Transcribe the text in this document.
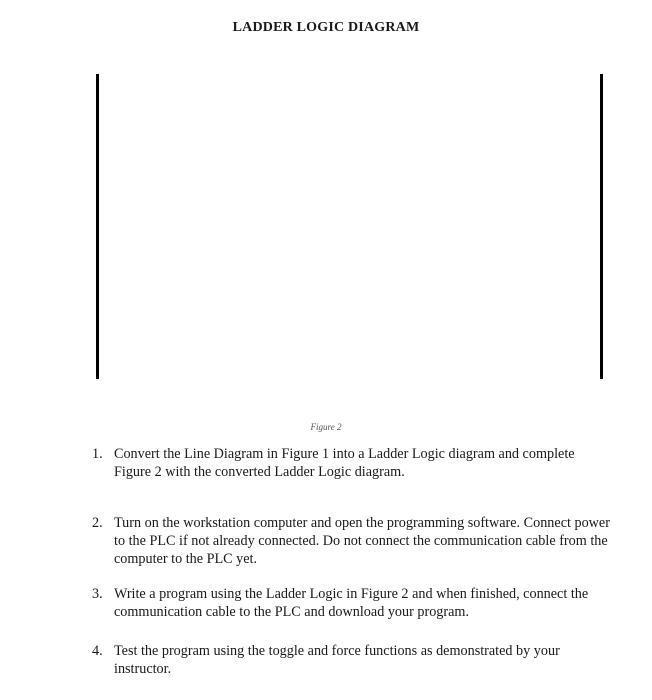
LADDER LOGIC DIAGRAM
Figure 2
1. Convert the Line Diagram in Figure 1 into a Ladder Logic diagram and complete Figure 2 with the converted Ladder Logic diagram.
2. Turn on the workstation computer and open the programming software. Connect power to the PLC if not already connected. Do not connect the communication cable from the computer to the PLC yet.
3. Write a program using the Ladder Logic in Figure 2 and when finished, connect the communication cable to the PLC and download your program.
4. Test the program using the toggle and force functions as demonstrated by your instructor.
